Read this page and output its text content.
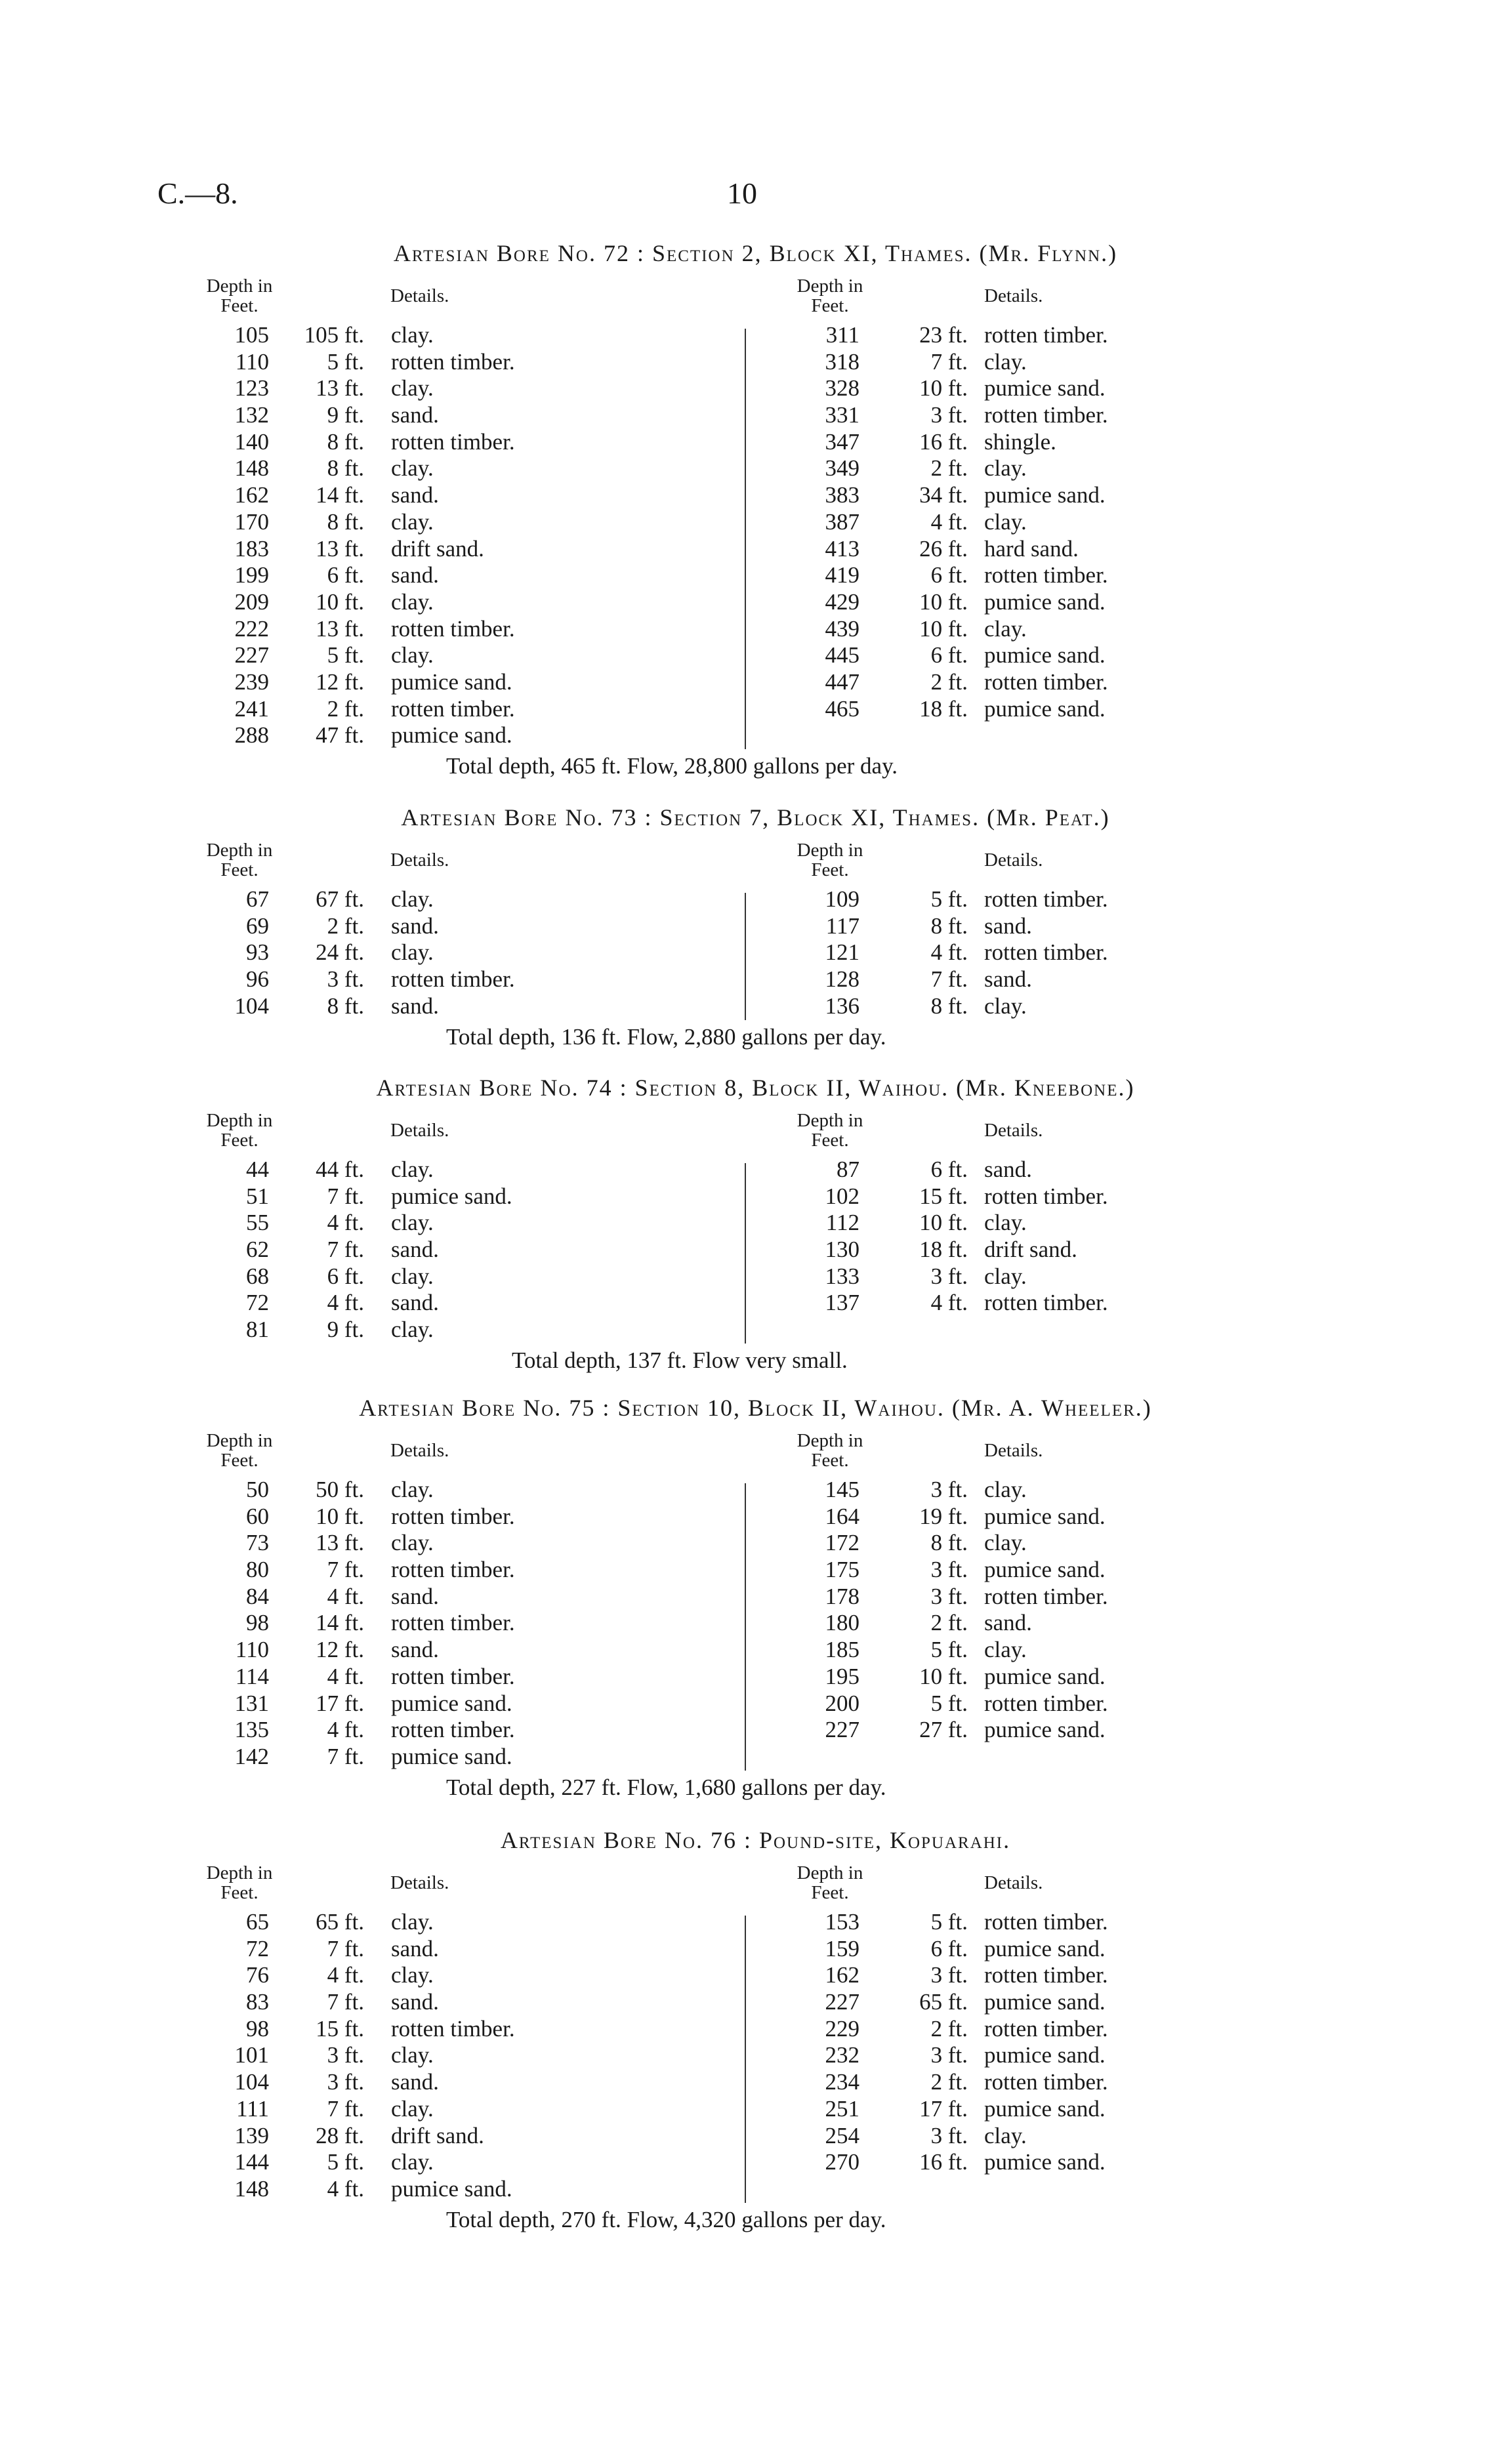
C.—8.	10
Artesian Bore No. 72 : Section 2, Block XI, Thames. (Mr. Flynn.)
Depth in
Feet.	Details.
105	105 ft. clay.
110	5 ft. rotten timber.
123	13 ft. clay.
132	9 ft. sand.
140	8 ft. rotten timber.
148	8 ft. clay.
162	14 ft. sand.
170	8 ft. clay.
183	13 ft. drift sand.
199	6 ft. sand.
209	10 ft. clay.
222	13 ft. rotten timber.
227	5 ft. clay.
239	12 ft. pumice sand.
241	2 ft. rotten timber.
288	47 ft. pumice sand.
Depth in
Feet.	Details.
311	23 ft. rotten timber.
318	7 ft. clay.
328	10 ft. pumice sand.
331	3 ft. rotten timber.
347	16 ft. shingle.
349	2 ft. clay.
383	34 ft. pumice sand.
387	4 ft. clay.
413	26 ft. hard sand.
419	6 ft. rotten timber.
429	10 ft. pumice sand.
439	10 ft. clay.
445	6 ft. pumice sand.
447	2 ft. rotten timber.
465	18 ft. pumice sand.
Total depth, 465 ft. Flow, 28,800 gallons per day.
Artesian Bore No. 73 : Section 7, Block XI, Thames. (Mr. Peat.)
Depth in
Feet.	Details.
67	67 ft. clay.
69	2 ft. sand.
93	24 ft. clay.
96	3 ft. rotten timber.
104	8 ft. sand.
Depth in
Feet.	Details.
109	5 ft. rotten timber.
117	8 ft. sand.
121	4 ft. rotten timber.
128	7 ft. sand.
136	8 ft. clay.
Total depth, 136 ft. Flow, 2,880 gallons per day.
Artesian Bore No. 74 : Section 8, Block II, Waihou. (Mr. Kneebone.)
Depth in
Feet.	Details.
44	44 ft. clay.
51	7 ft. pumice sand.
55	4 ft. clay.
62	7 ft. sand.
68	6 ft. clay.
72	4 ft. sand.
81	9 ft. clay.
Depth in
Feet.	Details.
87	6 ft. sand.
102	15 ft. rotten timber.
112	10 ft. clay.
130	18 ft. drift sand.
133	3 ft. clay.
137	4 ft. rotten timber.
Total depth, 137 ft. Flow very small.
Artesian Bore No. 75 : Section 10, Block II, Waihou. (Mr. A. Wheeler.)
Depth in
Feet.	Details.
50	50 ft. clay.
60	10 ft. rotten timber.
73	13 ft. clay.
80	7 ft. rotten timber.
84	4 ft. sand.
98	14 ft. rotten timber.
110	12 ft. sand.
114	4 ft. rotten timber.
131	17 ft. pumice sand.
135	4 ft. rotten timber.
142	7 ft. pumice sand.
Depth in
Feet.	Details.
145	3 ft. clay.
164	19 ft. pumice sand.
172	8 ft. clay.
175	3 ft. pumice sand.
178	3 ft. rotten timber.
180	2 ft. sand.
185	5 ft. clay.
195	10 ft. pumice sand.
200	5 ft. rotten timber.
227	27 ft. pumice sand.
Total depth, 227 ft. Flow, 1,680 gallons per day.
Artesian Bore No. 76 : Pound-site, Kopuarahi.
Depth in
Feet.	Details.
65	65 ft. clay.
72	7 ft. sand.
76	4 ft. clay.
83	7 ft. sand.
98	15 ft. rotten timber.
101	3 ft. clay.
104	3 ft. sand.
111	7 ft. clay.
139	28 ft. drift sand.
144	5 ft. clay.
148	4 ft. pumice sand.
Depth in
Feet.	Details.
153	5 ft. rotten timber.
159	6 ft. pumice sand.
162	3 ft. rotten timber.
227	65 ft. pumice sand.
229	2 ft. rotten timber.
232	3 ft. pumice sand.
234	2 ft. rotten timber.
251	17 ft. pumice sand.
254	3 ft. clay.
270	16 ft. pumice sand.
Total depth, 270 ft. Flow, 4,320 gallons per day.
